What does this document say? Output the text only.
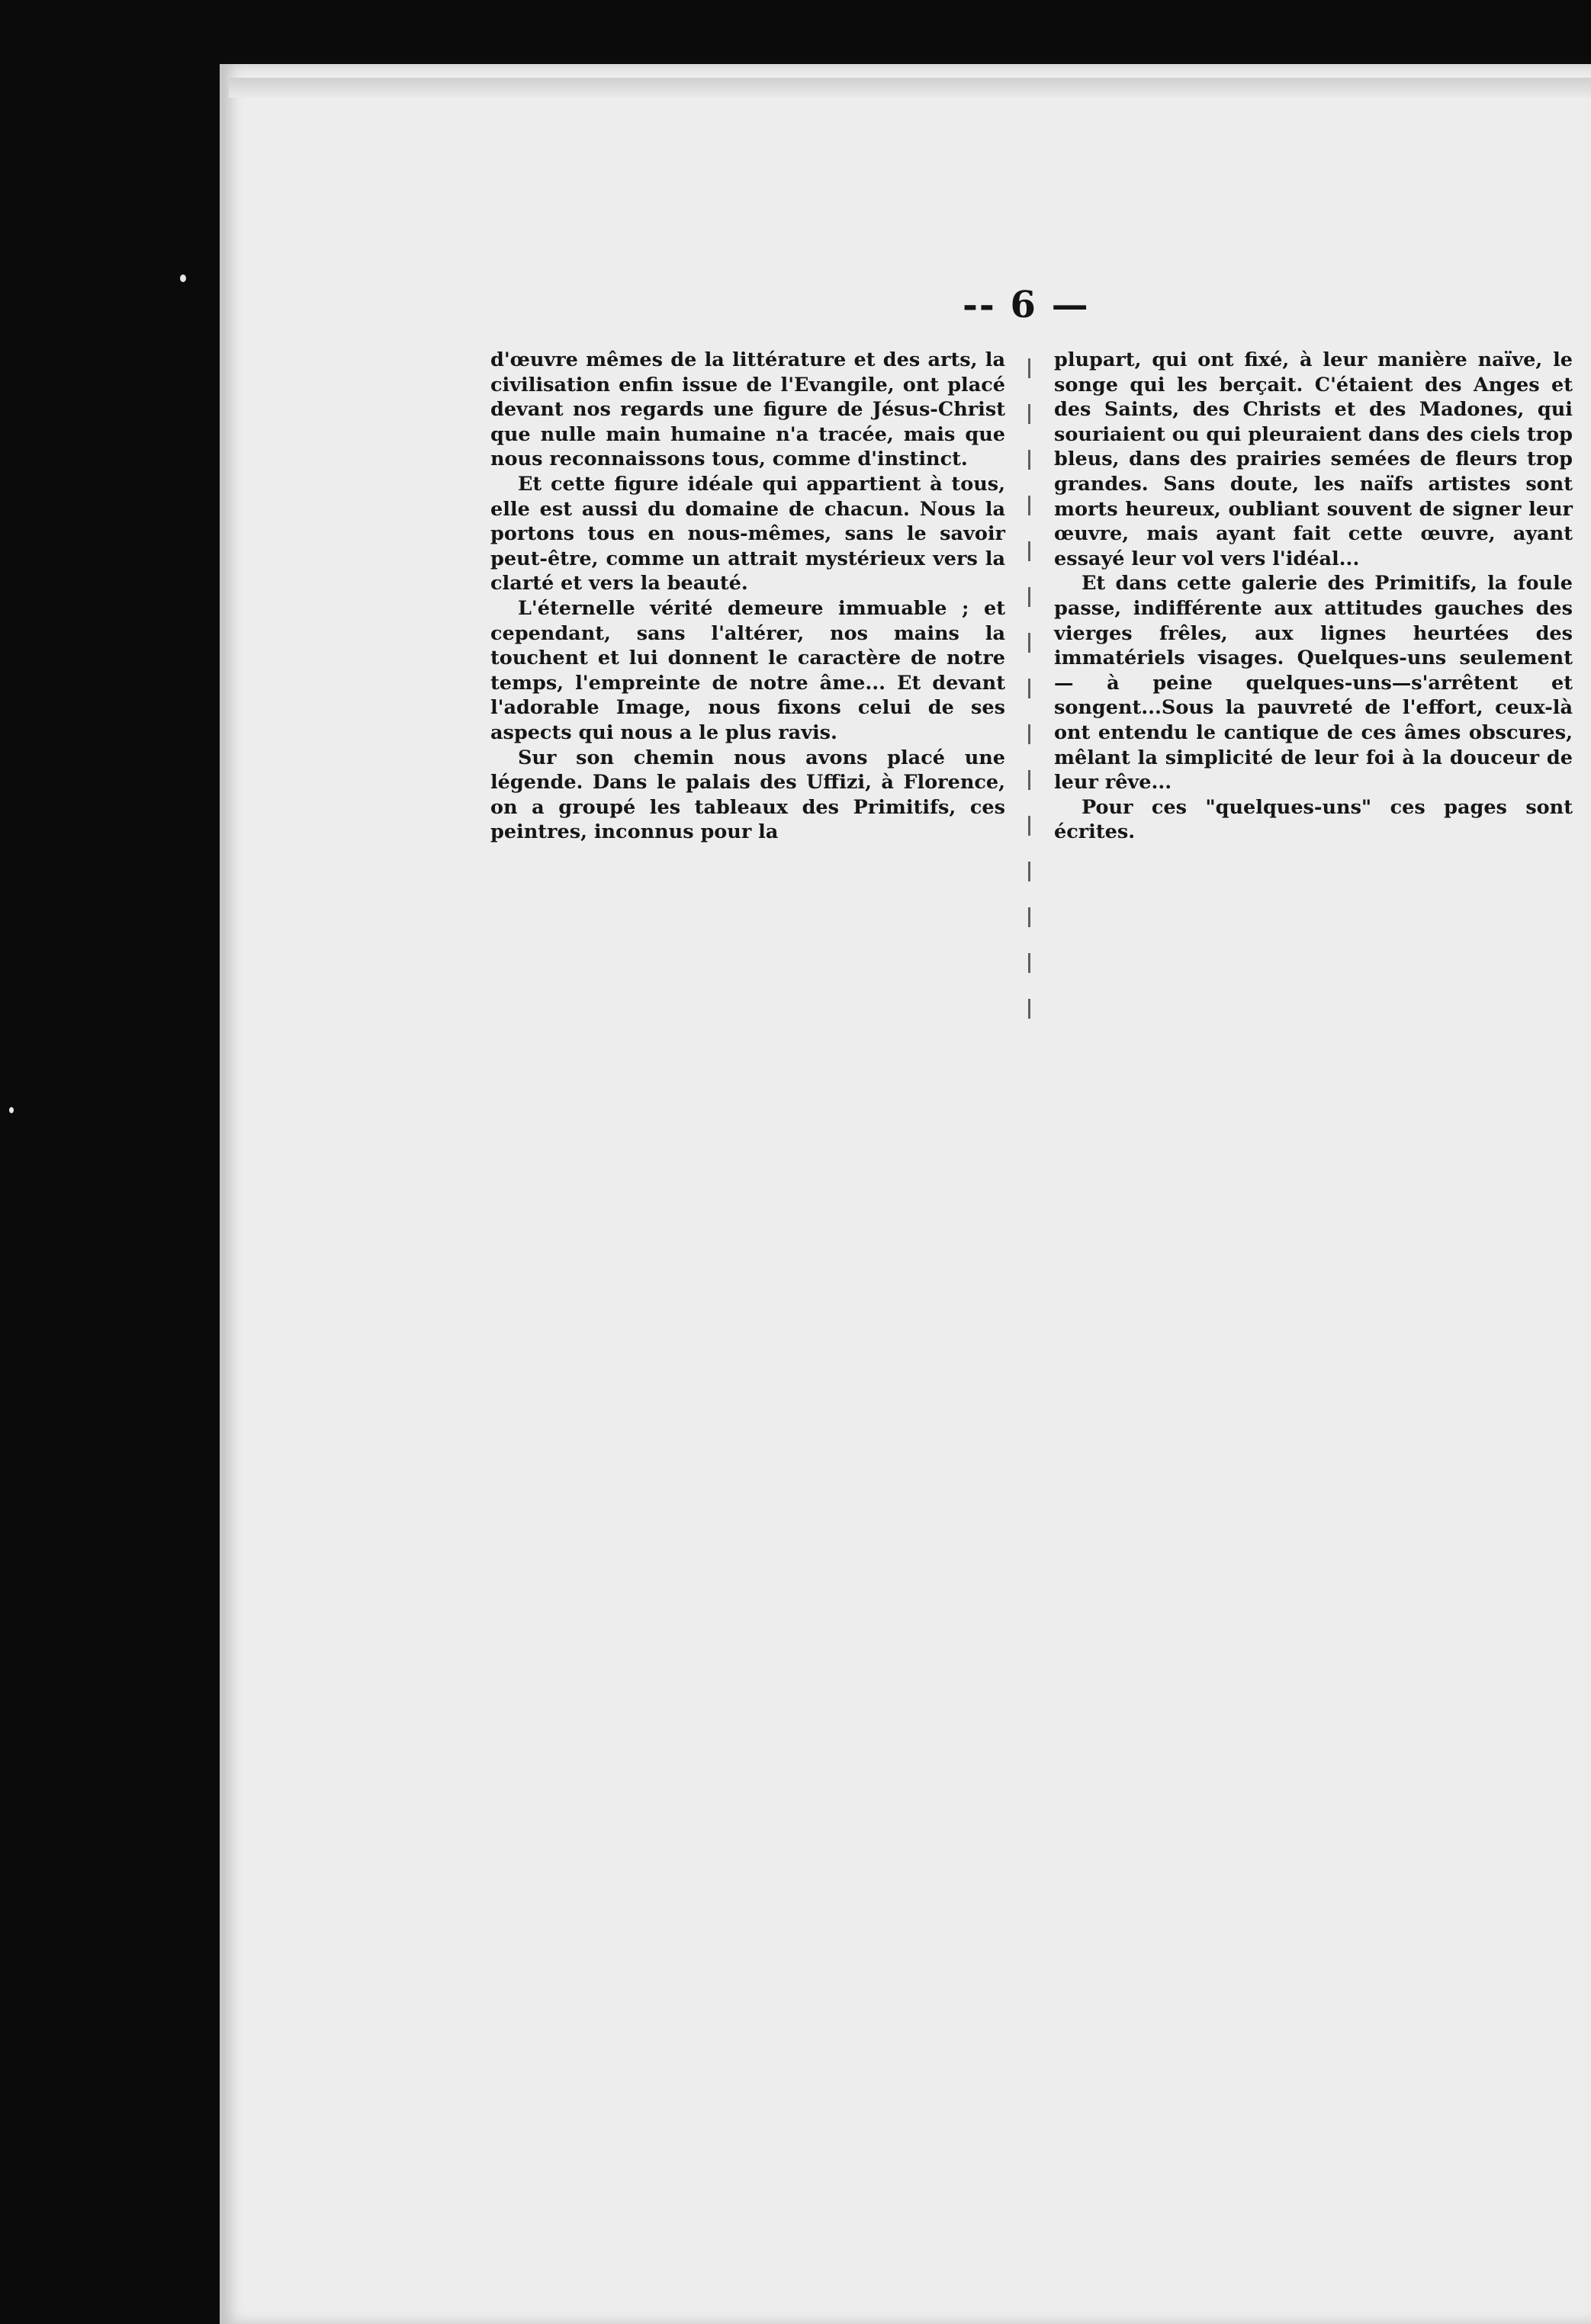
-- 6 —

d'œuvre mêmes de la littérature et des arts, la civilisation enfin issue de l'Evangile, ont placé devant nos regards une figure de Jésus-Christ que nulle main humaine n'a tracée, mais que nous reconnaissons tous, comme d'instinct.

Et cette figure idéale qui appartient à tous, elle est aussi du domaine de chacun. Nous la portons tous en nous-mêmes, sans le savoir peut-être, comme un attrait mystérieux vers la clarté et vers la beauté.

L'éternelle vérité demeure immuable ; et cependant, sans l'altérer, nos mains la touchent et lui donnent le caractère de notre temps, l'empreinte de notre âme... Et devant l'adorable Image, nous fixons celui de ses aspects qui nous a le plus ravis.

Sur son chemin nous avons placé une légende. Dans le palais des Uffizi, à Florence, on a groupé les tableaux des Primitifs, ces peintres, inconnus pour la

plupart, qui ont fixé, à leur manière naïve, le songe qui les berçait. C'étaient des Anges et des Saints, des Christs et des Madones, qui souriaient ou qui pleuraient dans des ciels trop bleus, dans des prairies semées de fleurs trop grandes. Sans doute, les naïfs artistes sont morts heureux, oubliant souvent de signer leur œuvre, mais ayant fait cette œuvre, ayant essayé leur vol vers l'idéal...

Et dans cette galerie des Primitifs, la foule passe, indifférente aux attitudes gauches des vierges frêles, aux lignes heurtées des immatériels visages. Quelques-uns seulement— à peine quelques-uns—s'arrêtent et songent...Sous la pauvreté de l'effort, ceux-là ont entendu le cantique de ces âmes obscures, mêlant la simplicité de leur foi à la douceur de leur rêve...

Pour ces "quelques-uns" ces pages sont écrites.
